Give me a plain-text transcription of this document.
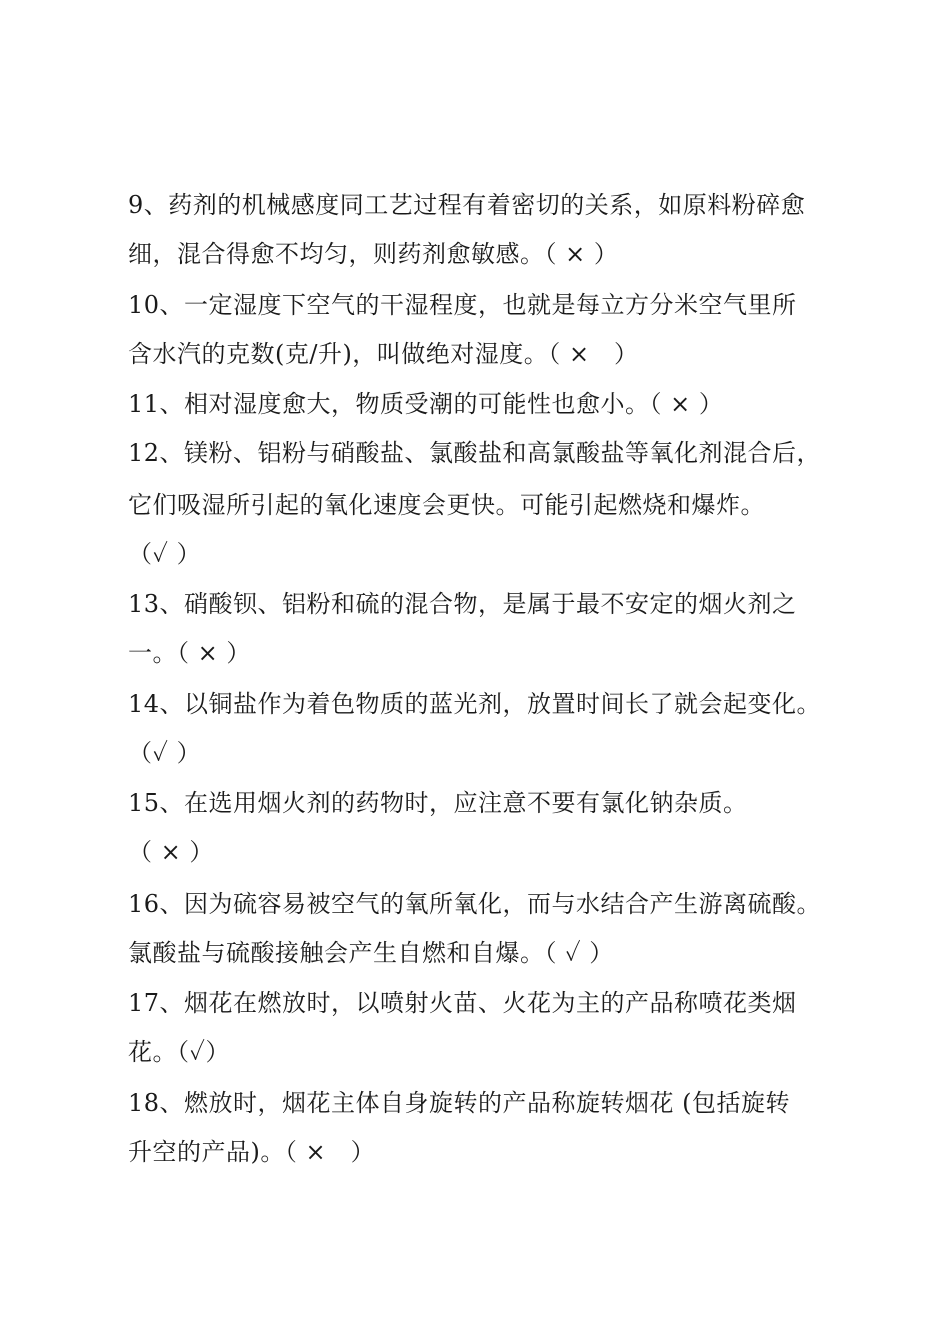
9、药剂的机械感度同工艺过程有着密切的关系，如原料粉碎愈
细，混合得愈不均匀，则药剂愈敏感。（ × ）
10、一定湿度下空气的干湿程度，也就是每立方分米空气里所
含水汽的克数(克/升)，叫做绝对湿度。（ ×　）
11、相对湿度愈大，物质受潮的可能性也愈小。（ × ）
12、镁粉、铝粉与硝酸盐、氯酸盐和高氯酸盐等氧化剂混合后，
它们吸湿所引起的氧化速度会更快。可能引起燃烧和爆炸。
（✓ ）
13、硝酸钡、铝粉和硫的混合物，是属于最不安定的烟火剂之
一。（ × ）
14、以铜盐作为着色物质的蓝光剂，放置时间长了就会起变化。
（✓ ）
15、在选用烟火剂的药物时，应注意不要有氯化钠杂质。
（ × ）
16、因为硫容易被空气的氧所氧化，而与水结合产生游离硫酸。
氯酸盐与硫酸接触会产生自燃和自爆。（ ✓ ）
17、烟花在燃放时，以喷射火苗、火花为主的产品称喷花类烟
花。（✓）
18、燃放时，烟花主体自身旋转的产品称旋转烟花 (包括旋转
升空的产品)。（ ×　）
